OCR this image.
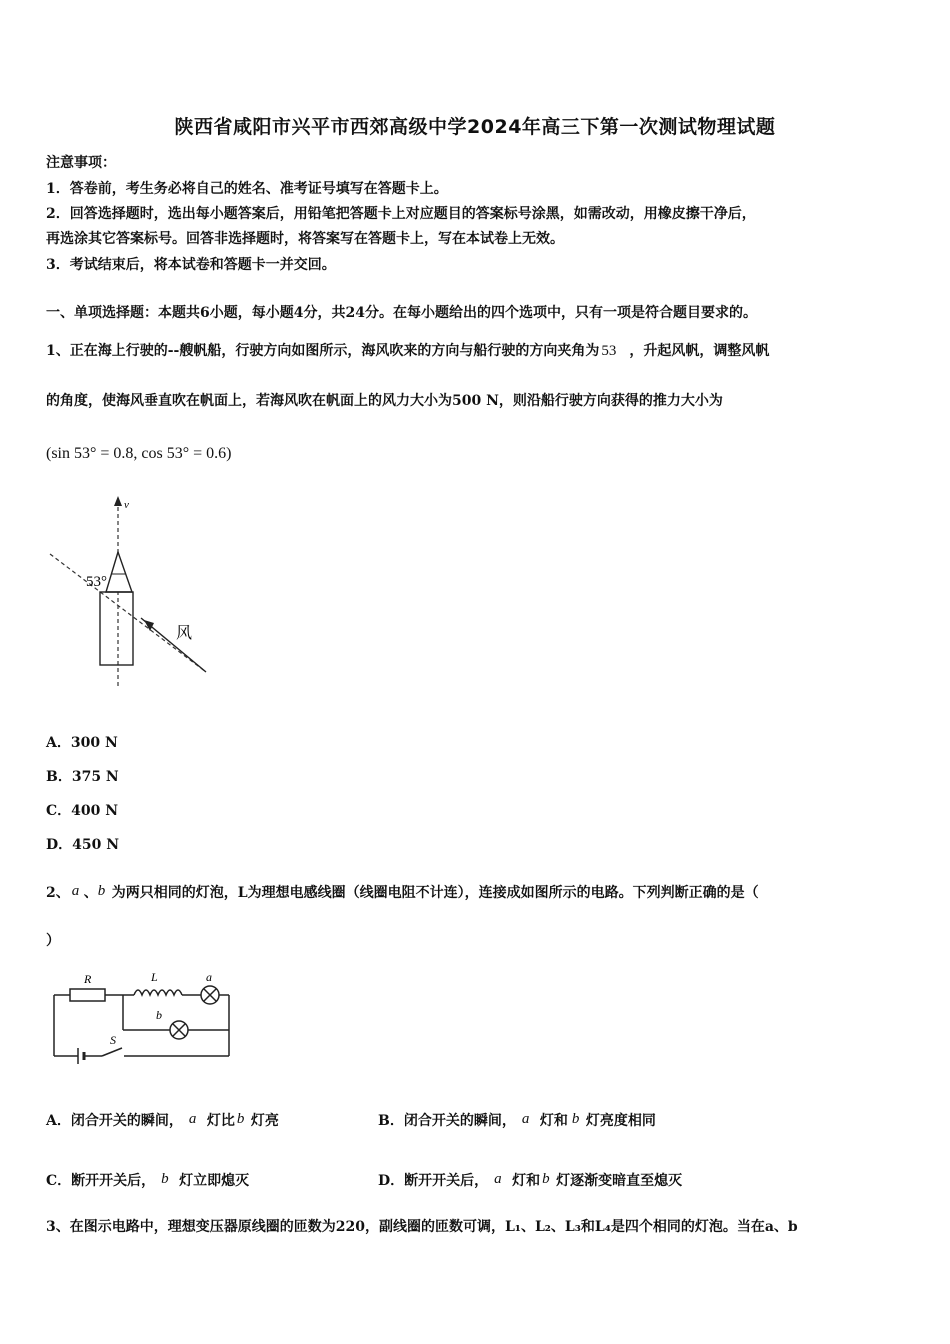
陕西省咸阳市兴平市西郊高级中学2024年高三下第一次测试物理试题
注意事项：
1．答卷前，考生务必将自己的姓名、准考证号填写在答题卡上。
2．回答选择题时，选出每小题答案后，用铅笔把答题卡上对应题目的答案标号涂黑，如需改动，用橡皮擦干净后，
再选涂其它答案标号。回答非选择题时，将答案写在答题卡上，写在本试卷上无效。
3．考试结束后，将本试卷和答题卡一并交回。
一、单项选择题：本题共6小题，每小题4分，共24分。在每小题给出的四个选项中，只有一项是符合题目要求的。
1、正在海上行驶的--艘帆船，行驶方向如图所示，海风吹来的方向与船行驶的方向夹角为 53 ，升起风帆，调整风帆
的角度，使海风垂直吹在帆面上，若海风吹在帆面上的风力大小为500 N，则沿船行驶方向获得的推力大小为
(sin 53° = 0.8, cos 53° = 0.6)
v
风
53°
A．300 N
B．375 N
C．400 N
D．450 N
2、 a 、 b 为两只相同的灯泡，L为理想电感线圈（线圈电阻不计连），连接成如图所示的电路。下列判断正确的是（
）
R	L	a
b
S
A．闭合开关的瞬间， a 灯比 b 灯亮	B．闭合开关的瞬间， a 灯和 b 灯亮度相同
C．断开开关后， b 灯立即熄灭	D．断开开关后， a 灯和 b 灯逐渐变暗直至熄灭
3、在图示电路中，理想变压器原线圈的匝数为220，副线圈的匝数可调，L₁、L₂、L₃和L₄是四个相同的灯泡。当在a、b
